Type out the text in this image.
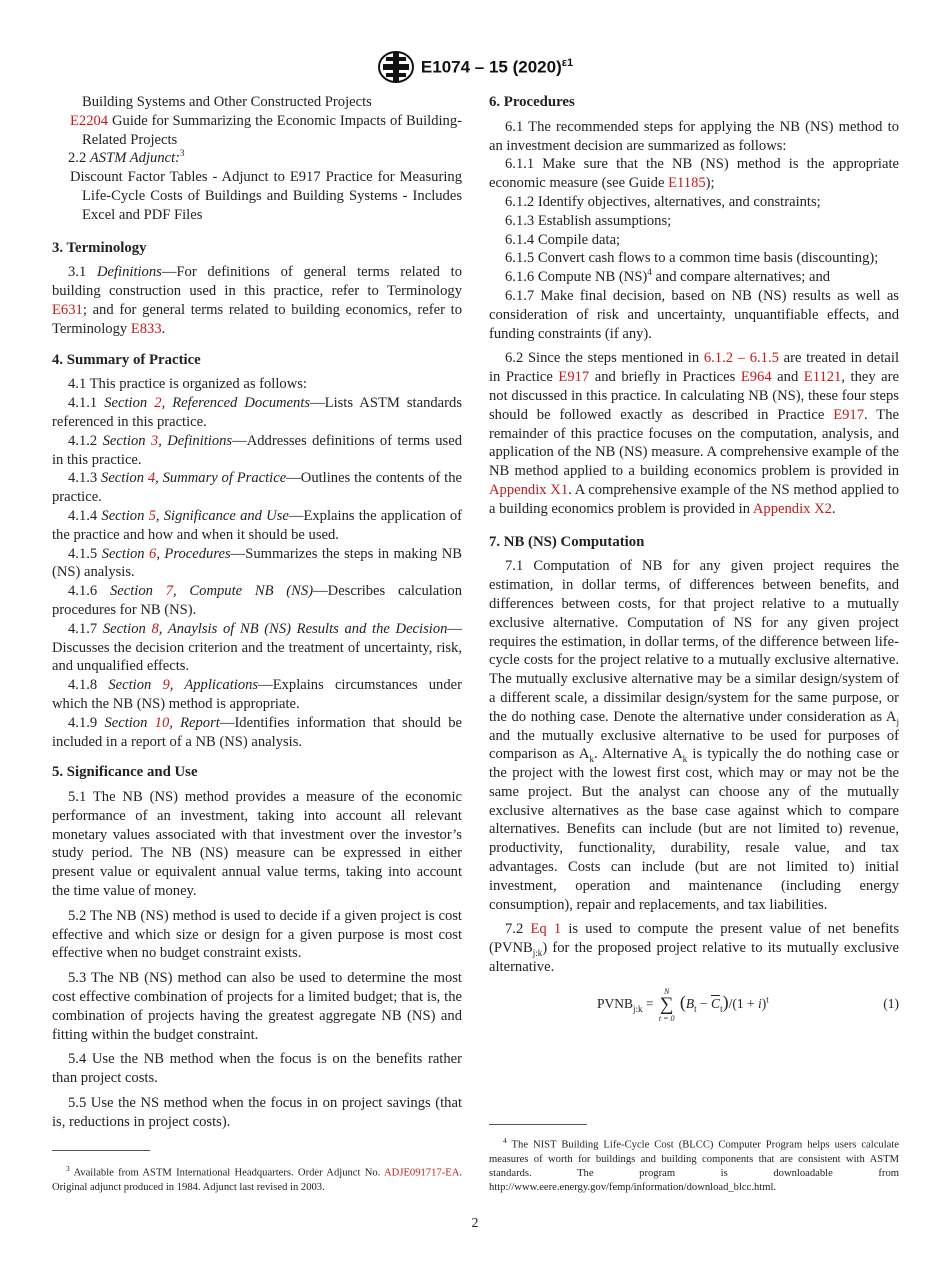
E1074 – 15 $(2020)^{\varepsilon 1}$

Building Systems and Other Constructed Projects

E2204 Guide for Summarizing the Economic Impacts of Building-Related Projects

2.2 ASTM Adjunct:$^3$

Discount Factor Tables - Adjunct to E917 Practice for Measuring Life-Cycle Costs of Buildings and Building Systems - Includes Excel and PDF Files

3. Terminology

3.1 Definitions—For definitions of general terms related to building construction used in this practice, refer to Terminology E631; and for general terms related to building economics, refer to Terminology E833.

4. Summary of Practice

4.1 This practice is organized as follows:

4.1.1 Section 2, Referenced Documents—Lists ASTM standards referenced in this practice.

4.1.2 Section 3, Definitions—Addresses definitions of terms used in this practice.

4.1.3 Section 4, Summary of Practice—Outlines the contents of the practice.

4.1.4 Section 5, Significance and Use—Explains the application of the practice and how and when it should be used.

4.1.5 Section 6, Procedures—Summarizes the steps in making NB (NS) analysis.

4.1.6 Section 7, Compute NB (NS)—Describes calculation procedures for NB (NS).

4.1.7 Section 8, Anaylsis of NB (NS) Results and the Decision—Discusses the decision criterion and the treatment of uncertainty, risk, and unqualified effects.

4.1.8 Section 9, Applications—Explains circumstances under which the NB (NS) method is appropriate.

4.1.9 Section 10, Report—Identifies information that should be included in a report of a NB (NS) analysis.

5. Significance and Use

5.1 The NB (NS) method provides a measure of the economic performance of an investment, taking into account all relevant monetary values associated with that investment over the investor’s study period. The NB (NS) measure can be expressed in either present value or equivalent annual value terms, taking into account the time value of money.

5.2 The NB (NS) method is used to decide if a given project is cost effective and which size or design for a given purpose is most cost effective when no budget constraint exists.

5.3 The NB (NS) method can also be used to determine the most cost effective combination of projects for a limited budget; that is, the combination of projects having the greatest aggregate NB (NS) and fitting within the budget constraint.

5.4 Use the NB method when the focus is on the benefits rather than project costs.

5.5 Use the NS method when the focus in on project savings (that is, reductions in project costs).

$^3$ Available from ASTM International Headquarters. Order Adjunct No. ADJE091717-EA. Original adjunct produced in 1984. Adjunct last revised in 2003.
6. Procedures

6.1 The recommended steps for applying the NB (NS) method to an investment decision are summarized as follows:

6.1.1 Make sure that the NB (NS) method is the appropriate economic measure (see Guide E1185);

6.1.2 Identify objectives, alternatives, and constraints;

6.1.3 Establish assumptions;

6.1.4 Compile data;

6.1.5 Convert cash flows to a common time basis (discounting);

6.1.6 Compute NB (NS)$^4$ and compare alternatives; and

6.1.7 Make final decision, based on NB (NS) results as well as consideration of risk and uncertainty, unquantifiable effects, and funding constraints (if any).

6.2 Since the steps mentioned in 6.1.2 – 6.1.5 are treated in detail in Practice E917 and briefly in Practices E964 and E1121, they are not discussed in this practice. In calculating NB (NS), these four steps should be followed exactly as described in Practice E917. The remainder of this practice focuses on the computation, analysis, and application of the NB (NS) measure. A comprehensive example of the NB method applied to a building economics problem is provided in Appendix X1. A comprehensive example of the NS method applied to a building economics problem is provided in Appendix X2.

7. NB (NS) Computation

7.1 Computation of NB for any given project requires the estimation, in dollar terms, of differences between benefits, and differences between costs, for that project relative to a mutually exclusive alternative. Computation of NS for any given project requires the estimation, in dollar terms, of the difference between life-cycle costs for the project relative to a mutually exclusive alternative. The mutually exclusive alternative may be a similar design/system of a different scale, a dissimilar design/system for the same purpose, or the do nothing case. Denote the alternative under consideration as $A_j$ and the mutually exclusive alternative to be used for purposes of comparison as $A_k$. Alternative $A_k$ is typically the do nothing case or the project with the lowest first cost, which may or may not be the same project. But the analyst can choose any of the mutually exclusive alternatives as the base case against which to compare alternatives. Benefits can include (but are not limited to) revenue, productivity, functionality, durability, resale value, and tax advantages. Costs can include (but are not limited to) initial investment, operation and maintenance (including energy consumption), repair and replacements, and tax liabilities.

7.2 Eq 1 is used to compute the present value of net benefits $(PVNB_{j:k})$ for the proposed project relative to its mutually exclusive alternative.

$PVNB_{j:k}$ =
N
∑
t = 0
$(B_t - \overline{C}_t)/(1 + i)^t$	(1)
$^4$ The NIST Building Life-Cycle Cost (BLCC) Computer Program helps users calculate measures of worth for buildings and building components that are consistent with ASTM standards. The program is downloadable from http://www.eere.energy.gov/femp/information/download_blcc.html.
2
